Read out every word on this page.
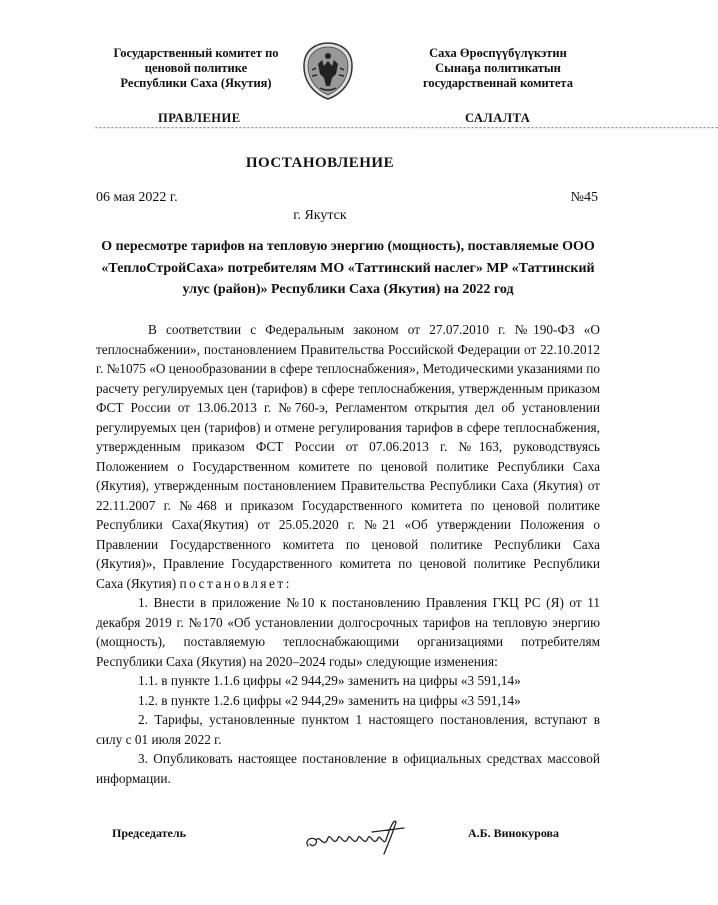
Государственный комитет по
ценовой политике
Республики Саха (Якутия)
Саха Өрөспүүбүлүкэтин
Сынаҕа политикатын
государственнай комитета
ПРАВЛЕНИЕ	САЛАЛТА
------------------------------------------------------------------------------------------------------------------------------------------------------------
ПОСТАНОВЛЕНИЕ
06 мая 2022 г.	№45
г. Якутск
О пересмотре тарифов на тепловую энергию (мощность), поставляемые ООО «ТеплоСтройСаха» потребителям МО «Таттинский наслег» МР «Таттинский улус (район)» Республики Саха (Якутия) на 2022 год

В соответствии с Федеральным законом от 27.07.2010 г. №190-ФЗ «О теплоснабжении», постановлением Правительства Российской Федерации от 22.10.2012 г. №1075 «О ценообразовании в сфере теплоснабжения», Методическими указаниями по расчету регулируемых цен (тарифов) в сфере теплоснабжения, утвержденным приказом ФСТ России от 13.06.2013 г. №760-э, Регламентом открытия дел об установлении регулируемых цен (тарифов) и отмене регулирования тарифов в сфере теплоснабжения, утвержденным приказом ФСТ России от 07.06.2013 г. №163, руководствуясь Положением о Государственном комитете по ценовой политике Республики Саха (Якутия), утвержденным постановлением Правительства Республики Саха (Якутия) от 22.11.2007 г. №468 и приказом Государственного комитета по ценовой политике Республики Саха(Якутия) от 25.05.2020 г. №21 «Об утверждении Положения о Правлении Государственного комитета по ценовой политике Республики Саха (Якутия)», Правление Государственного комитета по ценовой политике Республики Саха (Якутия) постановляет:

1. Внести в приложение №10 к постановлению Правления ГКЦ РС (Я) от 11 декабря 2019 г. №170 «Об установлении долгосрочных тарифов на тепловую энергию (мощность), поставляемую теплоснабжающими организациями потребителям Республики Саха (Якутия) на 2020–2024 годы» следующие изменения:

1.1. в пункте 1.1.6 цифры «2 944,29» заменить на цифры «3 591,14»

1.2. в пункте 1.2.6 цифры «2 944,29» заменить на цифры «3 591,14»

2. Тарифы, установленные пунктом 1 настоящего постановления, вступают в силу с 01 июля 2022 г.

3. Опубликовать настоящее постановление в официальных средствах массовой информации.

Председатель	А.Б. Винокурова
